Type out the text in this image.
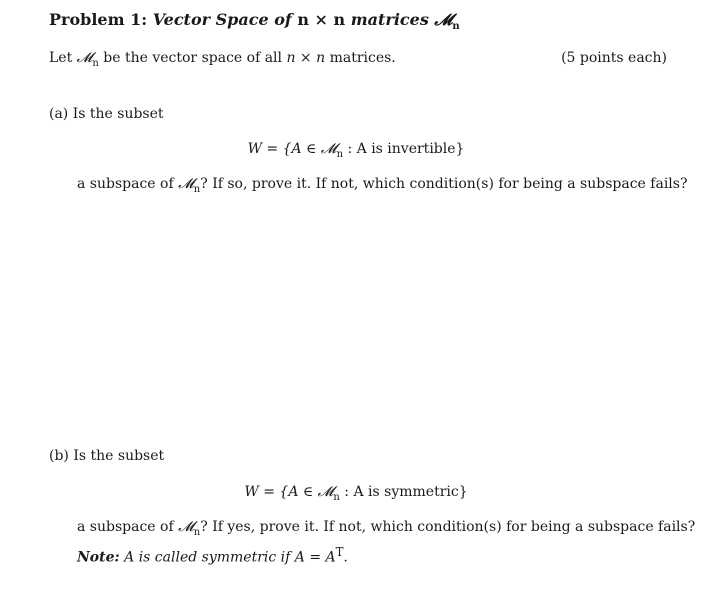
Problem 1: Vector Space of n × n matrices 𝓜$_n$
Let 𝓜$_n$ be the vector space of all n × n matrices.	(5 points each)
(a) Is the subset
W = {A ∈ 𝓜$_n$ : A is invertible}
a subspace of 𝓜$_n$? If so, prove it. If not, which condition(s) for being a subspace fails?
(b) Is the subset
W = {A ∈ 𝓜$_n$ : A is symmetric}
a subspace of 𝓜$_n$? If yes, prove it. If not, which condition(s) for being a subspace fails?
Note: A is called symmetric if $A = A^T$.
